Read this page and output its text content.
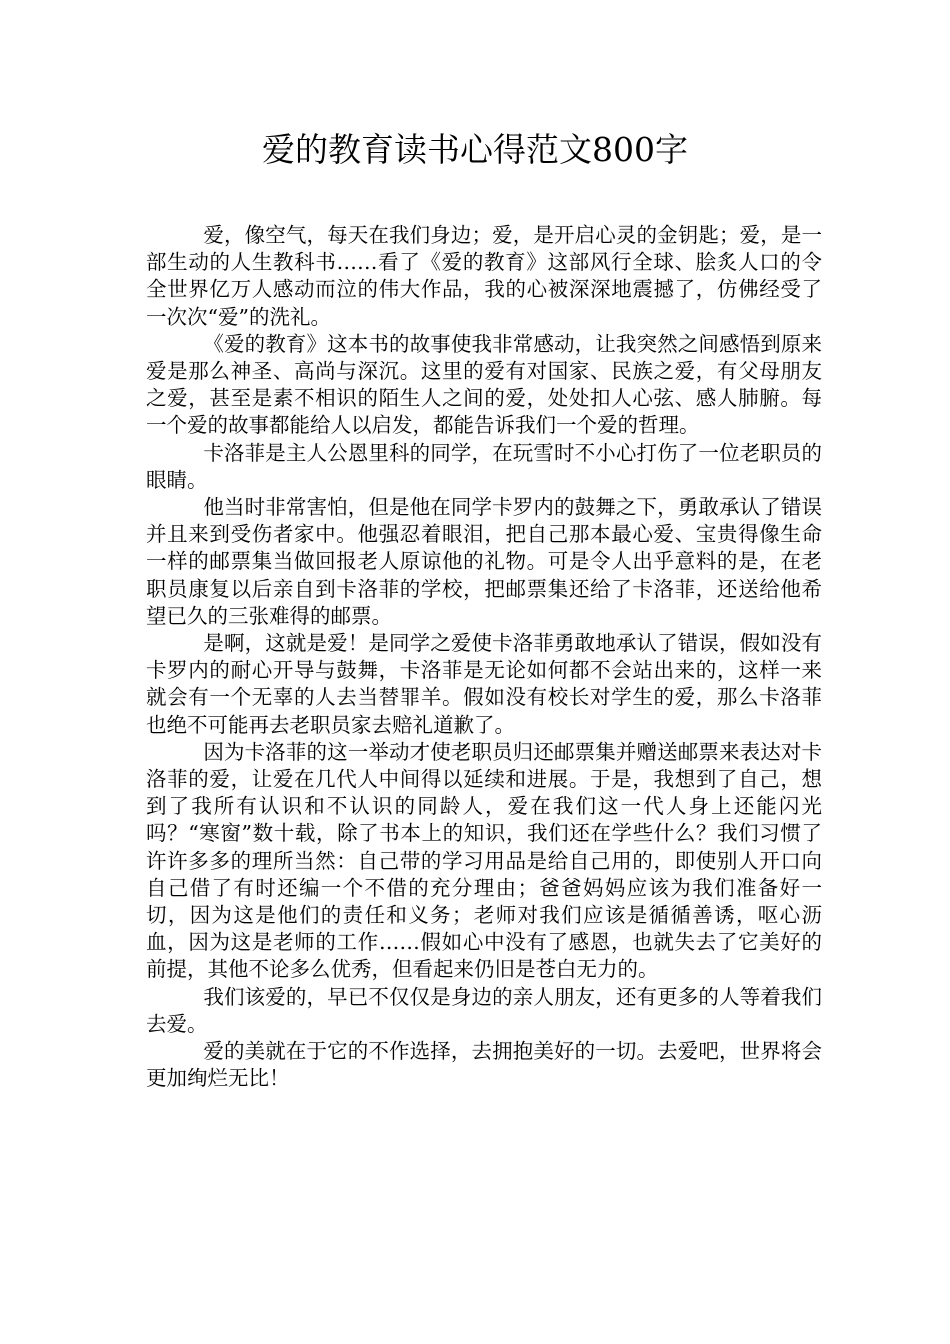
爱的教育读书心得范文800字

爱，像空气，每天在我们身边；爱，是开启心灵的金钥匙；爱，是一部生动的人生教科书……看了《爱的教育》这部风行全球、脍炙人口的令全世界亿万人感动而泣的伟大作品，我的心被深深地震撼了，仿佛经受了一次次“爱”的洗礼。

《爱的教育》这本书的故事使我非常感动，让我突然之间感悟到原来爱是那么神圣、高尚与深沉。这里的爱有对国家、民族之爱，有父母朋友之爱，甚至是素不相识的陌生人之间的爱，处处扣人心弦、感人肺腑。每一个爱的故事都能给人以启发，都能告诉我们一个爱的哲理。

卡洛菲是主人公恩里科的同学，在玩雪时不小心打伤了一位老职员的眼睛。

他当时非常害怕，但是他在同学卡罗内的鼓舞之下，勇敢承认了错误并且来到受伤者家中。他强忍着眼泪，把自己那本最心爱、宝贵得像生命一样的邮票集当做回报老人原谅他的礼物。可是令人出乎意料的是，在老职员康复以后亲自到卡洛菲的学校，把邮票集还给了卡洛菲，还送给他希望已久的三张难得的邮票。

是啊，这就是爱！是同学之爱使卡洛菲勇敢地承认了错误，假如没有卡罗内的耐心开导与鼓舞，卡洛菲是无论如何都不会站出来的，这样一来就会有一个无辜的人去当替罪羊。假如没有校长对学生的爱，那么卡洛菲也绝不可能再去老职员家去赔礼道歉了。

因为卡洛菲的这一举动才使老职员归还邮票集并赠送邮票来表达对卡洛菲的爱，让爱在几代人中间得以延续和进展。于是，我想到了自己，想到了我所有认识和不认识的同龄人，爱在我们这一代人身上还能闪光吗？“寒窗”数十载，除了书本上的知识，我们还在学些什么？我们习惯了许许多多的理所当然：自己带的学习用品是给自己用的，即使别人开口向自己借了有时还编一个不借的充分理由；爸爸妈妈应该为我们准备好一切，因为这是他们的责任和义务；老师对我们应该是循循善诱，呕心沥血，因为这是老师的工作……假如心中没有了感恩，也就失去了它美好的前提，其他不论多么优秀，但看起来仍旧是苍白无力的。

我们该爱的，早已不仅仅是身边的亲人朋友，还有更多的人等着我们去爱。

爱的美就在于它的不作选择，去拥抱美好的一切。去爱吧，世界将会更加绚烂无比！
